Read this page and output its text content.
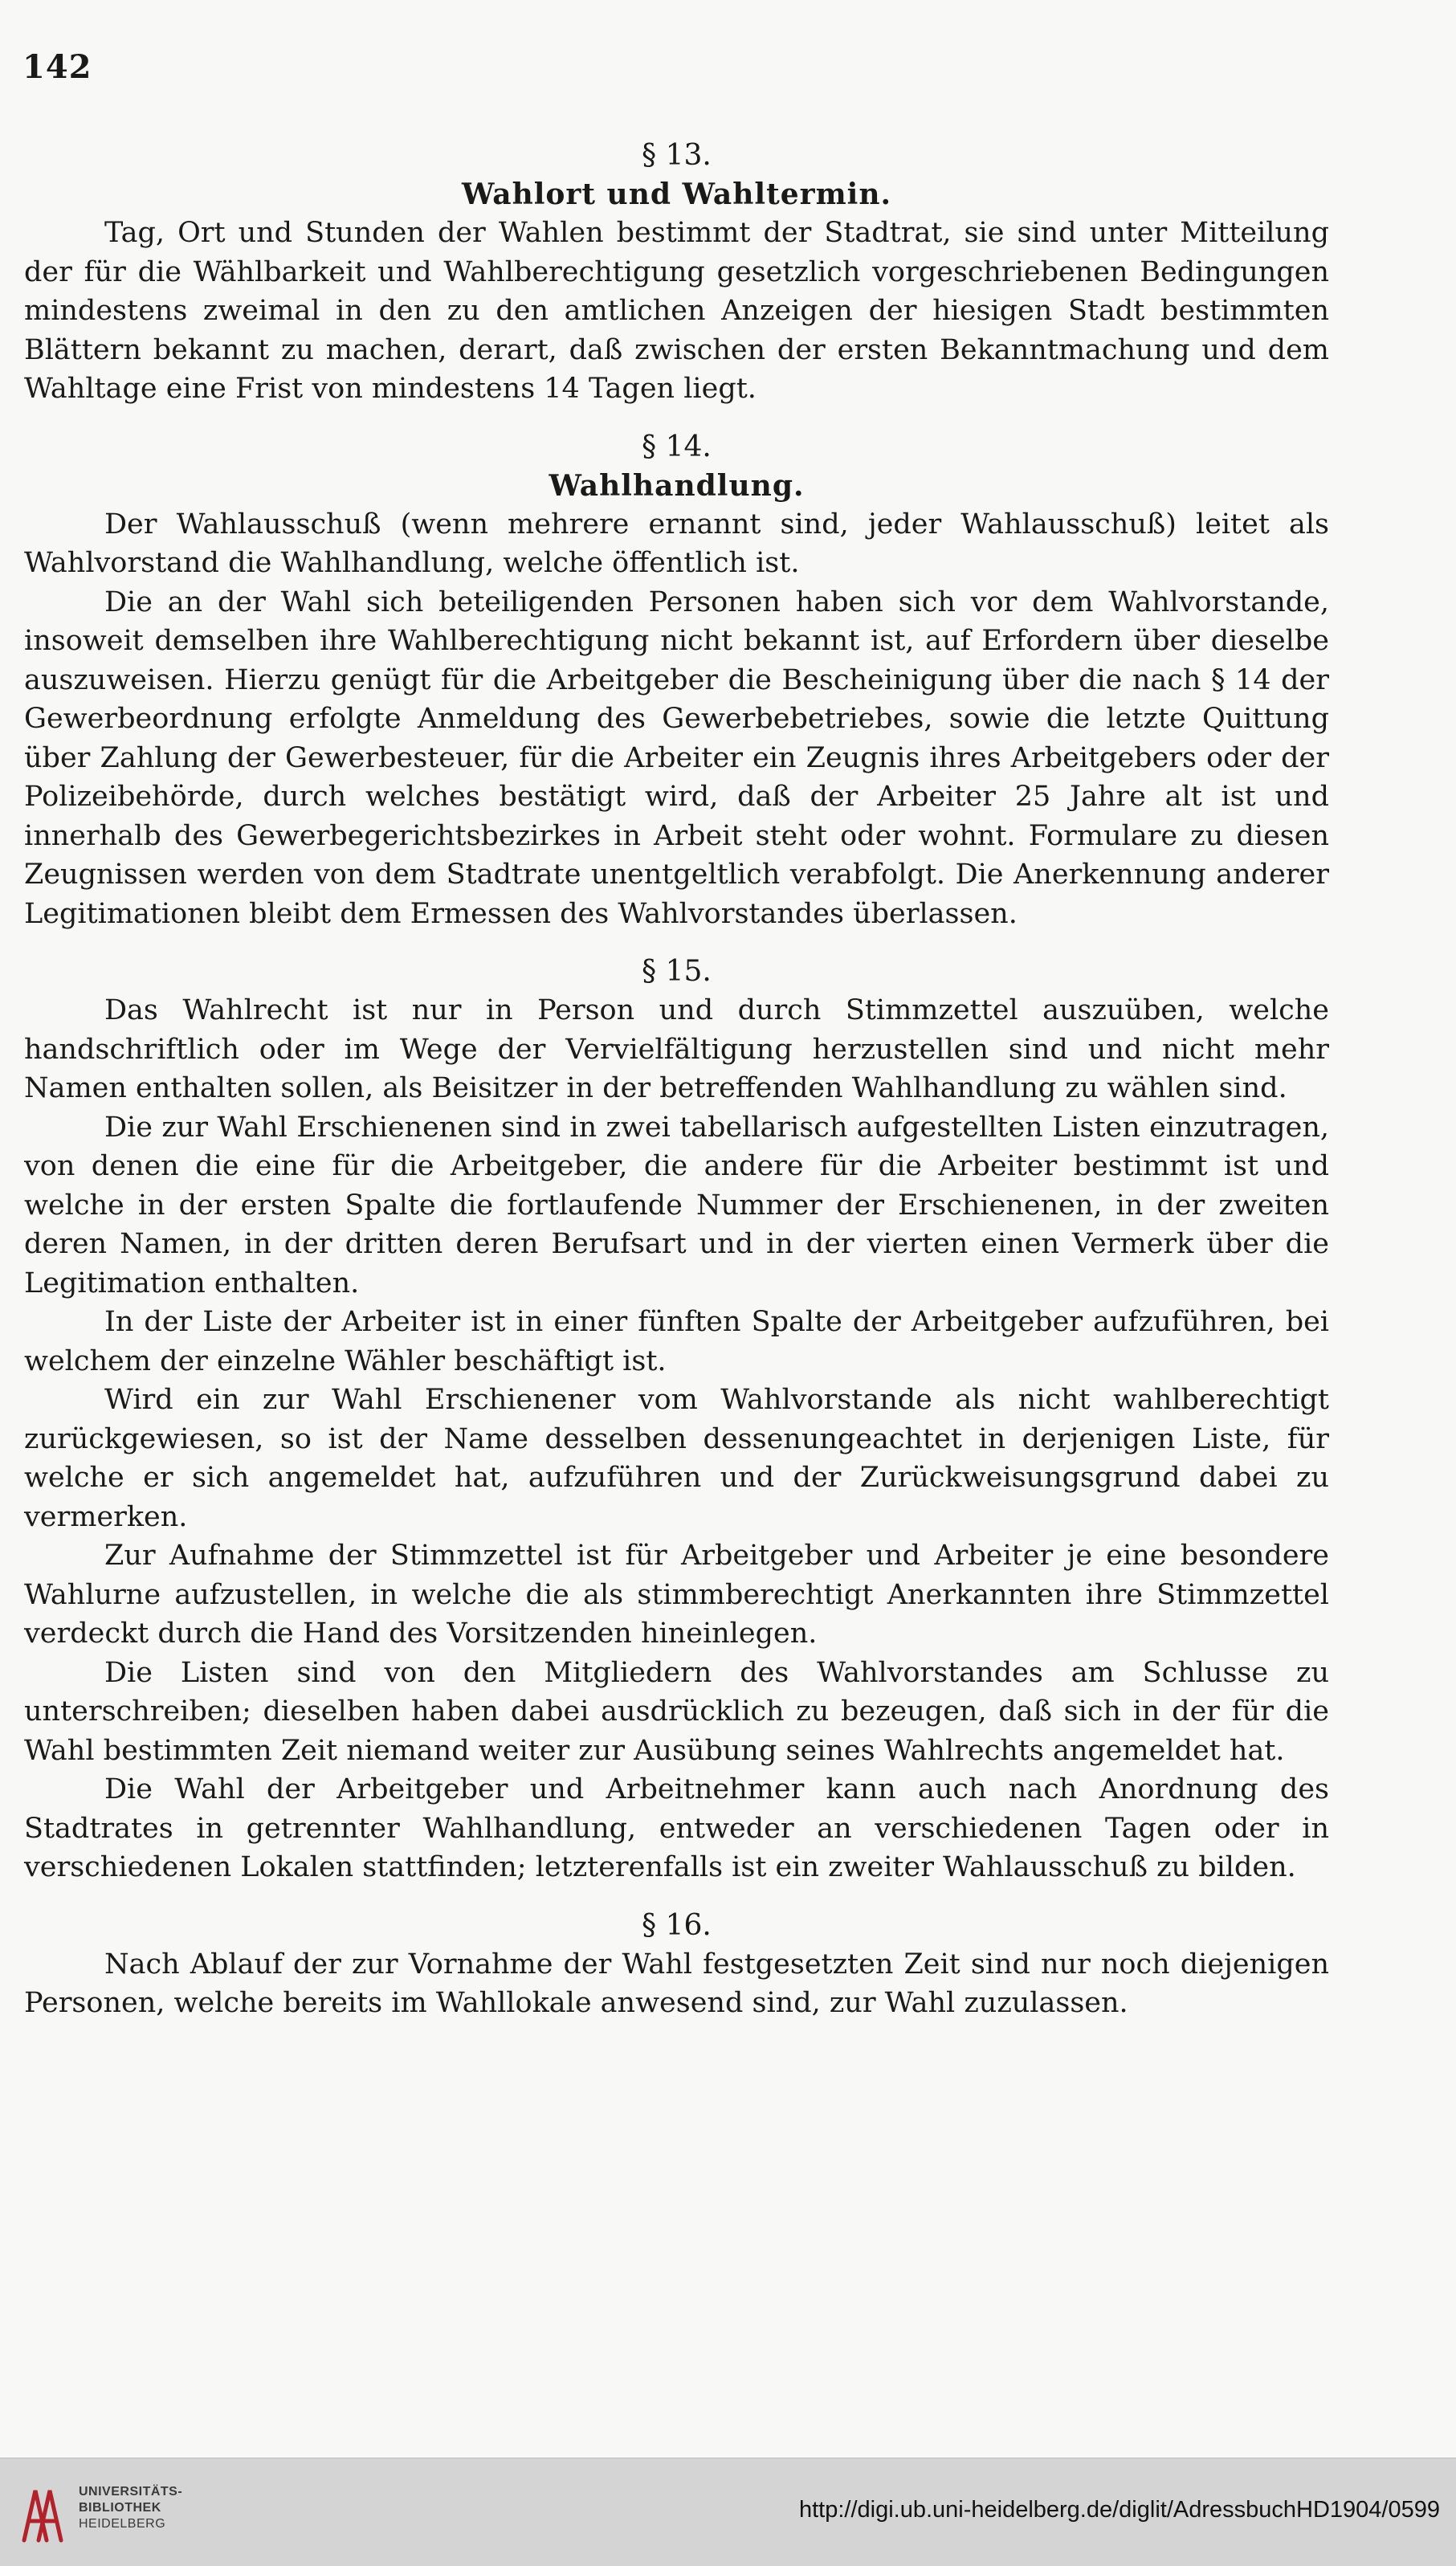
142
§ 13.
Wahlort und Wahltermin.

Tag, Ort und Stunden der Wahlen bestimmt der Stadtrat, sie sind unter Mitteilung der für die Wählbarkeit und Wahlberechtigung gesetzlich vorgeschriebenen Bedingungen mindestens zweimal in den zu den amtlichen Anzeigen der hiesigen Stadt bestimmten Blättern bekannt zu machen, derart, daß zwischen der ersten Bekanntmachung und dem Wahltage eine Frist von mindestens 14 Tagen liegt.

§ 14.
Wahlhandlung.

Der Wahlausschuß (wenn mehrere ernannt sind, jeder Wahlausschuß) leitet als Wahlvorstand die Wahlhandlung, welche öffentlich ist.

Die an der Wahl sich beteiligenden Personen haben sich vor dem Wahlvorstande, insoweit demselben ihre Wahlberechtigung nicht bekannt ist, auf Erfordern über dieselbe auszuweisen. Hierzu genügt für die Arbeitgeber die Bescheinigung über die nach § 14 der Gewerbeordnung erfolgte Anmeldung des Gewerbebetriebes, sowie die letzte Quittung über Zahlung der Gewerbesteuer, für die Arbeiter ein Zeugnis ihres Arbeitgebers oder der Polizeibehörde, durch welches bestätigt wird, daß der Arbeiter 25 Jahre alt ist und innerhalb des Gewerbegerichtsbezirkes in Arbeit steht oder wohnt. Formulare zu diesen Zeugnissen werden von dem Stadtrate unentgeltlich verabfolgt. Die Anerkennung anderer Legitimationen bleibt dem Ermessen des Wahlvorstandes überlassen.

§ 15.

Das Wahlrecht ist nur in Person und durch Stimmzettel auszuüben, welche handschriftlich oder im Wege der Vervielfältigung herzustellen sind und nicht mehr Namen enthalten sollen, als Beisitzer in der betreffenden Wahlhandlung zu wählen sind.

Die zur Wahl Erschienenen sind in zwei tabellarisch aufgestellten Listen einzutragen, von denen die eine für die Arbeitgeber, die andere für die Arbeiter bestimmt ist und welche in der ersten Spalte die fortlaufende Nummer der Erschienenen, in der zweiten deren Namen, in der dritten deren Berufsart und in der vierten einen Vermerk über die Legitimation enthalten.

In der Liste der Arbeiter ist in einer fünften Spalte der Arbeitgeber aufzuführen, bei welchem der einzelne Wähler beschäftigt ist.

Wird ein zur Wahl Erschienener vom Wahlvorstande als nicht wahlberechtigt zurückgewiesen, so ist der Name desselben dessenungeachtet in derjenigen Liste, für welche er sich angemeldet hat, aufzuführen und der Zurückweisungsgrund dabei zu vermerken.

Zur Aufnahme der Stimmzettel ist für Arbeitgeber und Arbeiter je eine besondere Wahlurne aufzustellen, in welche die als stimmberechtigt Anerkannten ihre Stimmzettel verdeckt durch die Hand des Vorsitzenden hineinlegen.

Die Listen sind von den Mitgliedern des Wahlvorstandes am Schlusse zu unterschreiben; dieselben haben dabei ausdrücklich zu bezeugen, daß sich in der für die Wahl bestimmten Zeit niemand weiter zur Ausübung seines Wahlrechts angemeldet hat.

Die Wahl der Arbeitgeber und Arbeitnehmer kann auch nach Anordnung des Stadtrates in getrennter Wahlhandlung, entweder an verschiedenen Tagen oder in verschiedenen Lokalen stattfinden; letzterenfalls ist ein zweiter Wahlausschuß zu bilden.

§ 16.

Nach Ablauf der zur Vornahme der Wahl festgesetzten Zeit sind nur noch diejenigen Personen, welche bereits im Wahllokale anwesend sind, zur Wahl zuzulassen.

UNIVERSITÄTS-
BIBLIOTHEK
HEIDELBERG
http://digi.ub.uni-heidelberg.de/diglit/AdressbuchHD1904/0599
